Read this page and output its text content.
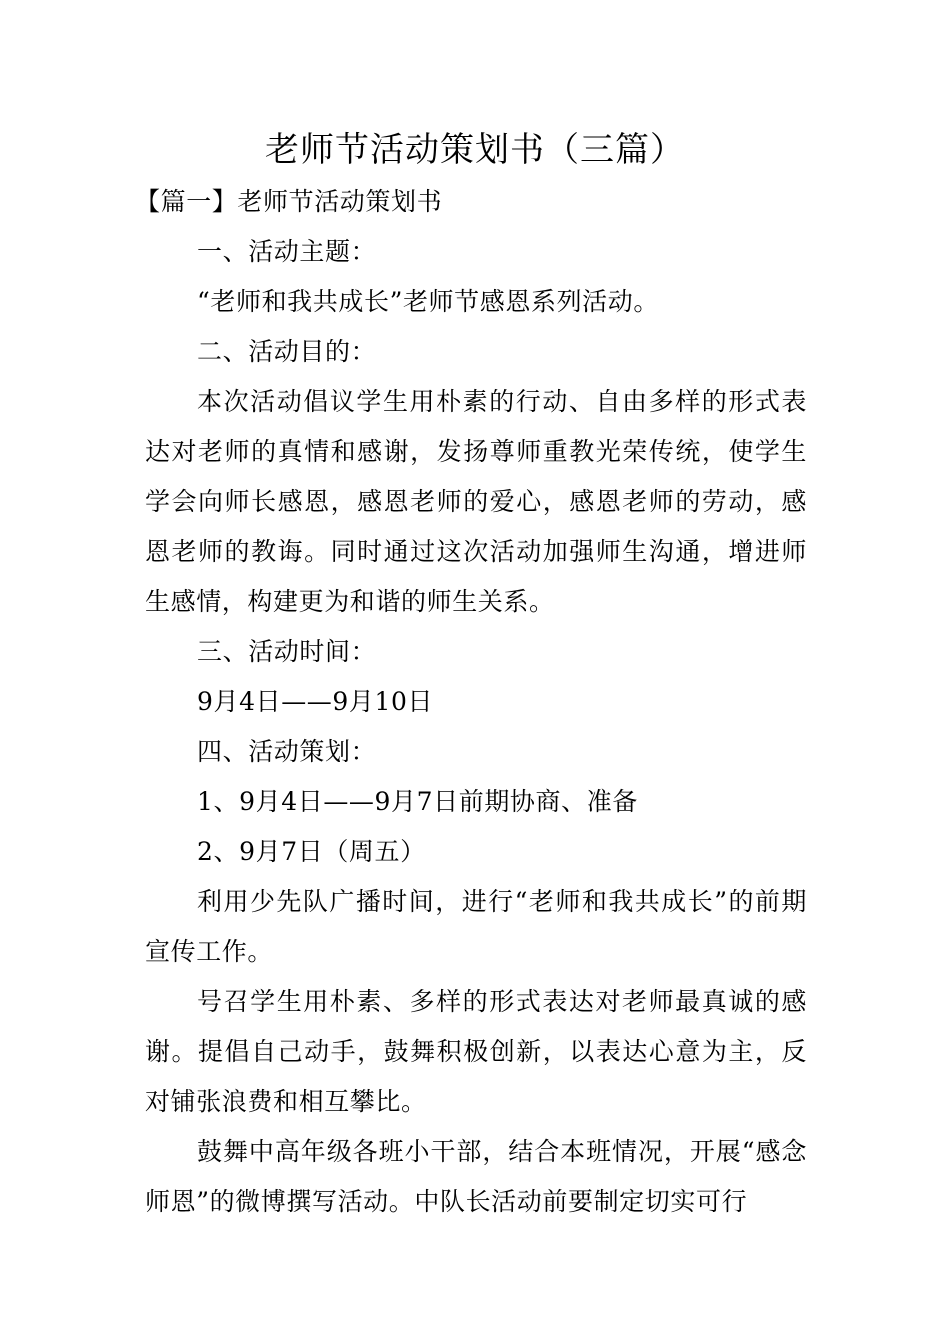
老师节活动策划书（三篇）

【篇一】老师节活动策划书

一、活动主题：

“老师和我共成长”老师节感恩系列活动。

二、活动目的：

本次活动倡议学生用朴素的行动、自由多样的形式表达对老师的真情和感谢，发扬尊师重教光荣传统，使学生学会向师长感恩，感恩老师的爱心，感恩老师的劳动，感恩老师的教诲。同时通过这次活动加强师生沟通，增进师生感情，构建更为和谐的师生关系。

三、活动时间：

9月4日——9月10日

四、活动策划：

1、9月4日——9月7日前期协商、准备

2、9月7日（周五）

利用少先队广播时间，进行“老师和我共成长”的前期宣传工作。

号召学生用朴素、多样的形式表达对老师最真诚的感谢。提倡自己动手，鼓舞积极创新，以表达心意为主，反对铺张浪费和相互攀比。

鼓舞中高年级各班小干部，结合本班情况，开展“感念师恩”的微博撰写活动。中队长活动前要制定切实可行
